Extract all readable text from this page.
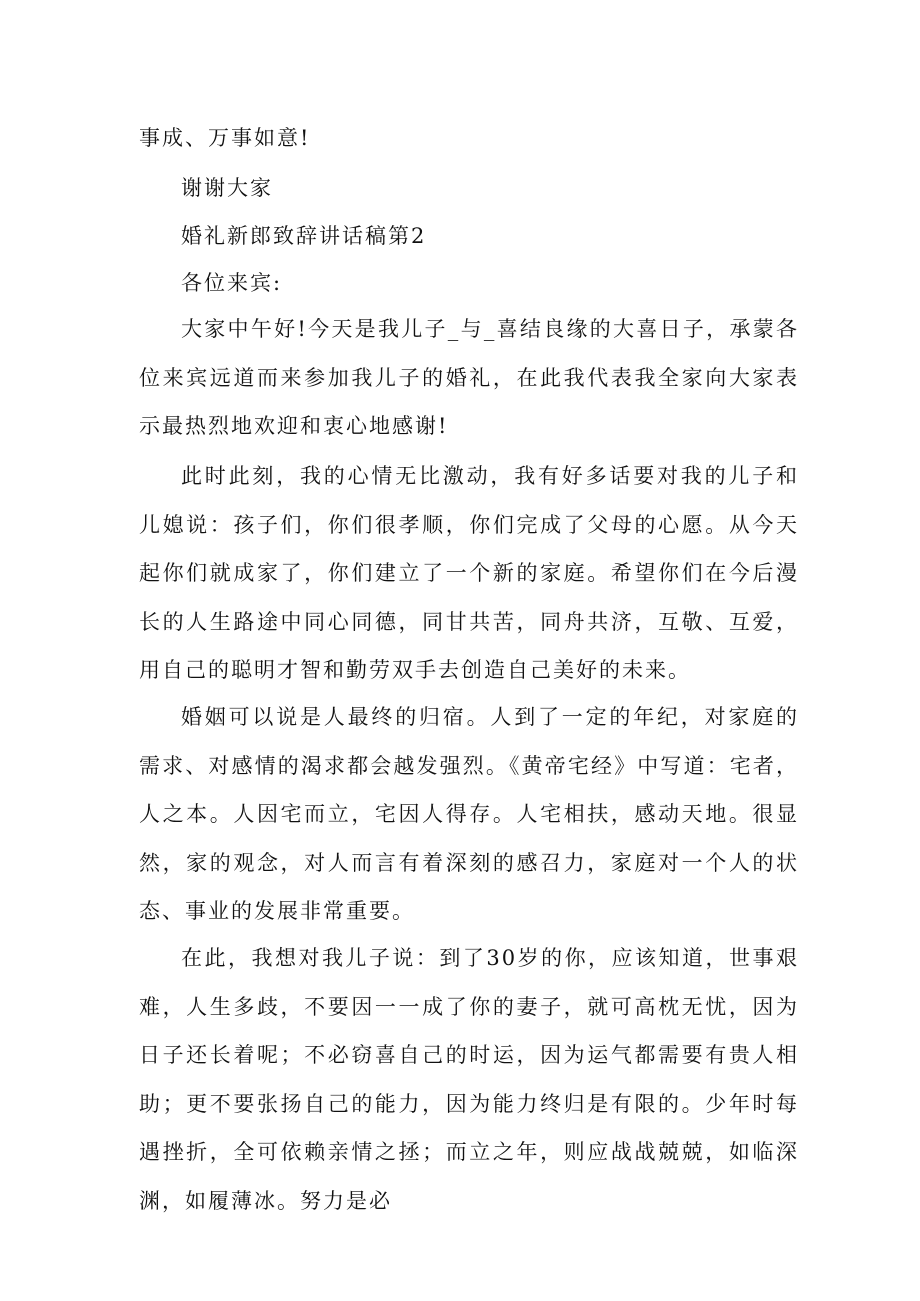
事成、万事如意!

谢谢大家

婚礼新郎致辞讲话稿第2

各位来宾:

大家中午好!今天是我儿子_与_喜结良缘的大喜日子，承蒙各位来宾远道而来参加我儿子的婚礼，在此我代表我全家向大家表示最热烈地欢迎和衷心地感谢!

此时此刻，我的心情无比激动，我有好多话要对我的儿子和儿媳说：孩子们，你们很孝顺，你们完成了父母的心愿。从今天起你们就成家了，你们建立了一个新的家庭。希望你们在今后漫长的人生路途中同心同德，同甘共苦，同舟共济，互敬、互爱，用自己的聪明才智和勤劳双手去创造自己美好的未来。

婚姻可以说是人最终的归宿。人到了一定的年纪，对家庭的需求、对感情的渴求都会越发强烈。《黄帝宅经》中写道：宅者，人之本。人因宅而立，宅因人得存。人宅相扶，感动天地。很显然，家的观念，对人而言有着深刻的感召力，家庭对一个人的状态、事业的发展非常重要。

在此，我想对我儿子说：到了30岁的你，应该知道，世事艰难，人生多歧，不要因一一成了你的妻子，就可高枕无忧，因为日子还长着呢；不必窃喜自己的时运，因为运气都需要有贵人相助；更不要张扬自己的能力，因为能力终归是有限的。少年时每遇挫折，全可依赖亲情之拯；而立之年，则应战战兢兢，如临深渊，如履薄冰。努力是必
